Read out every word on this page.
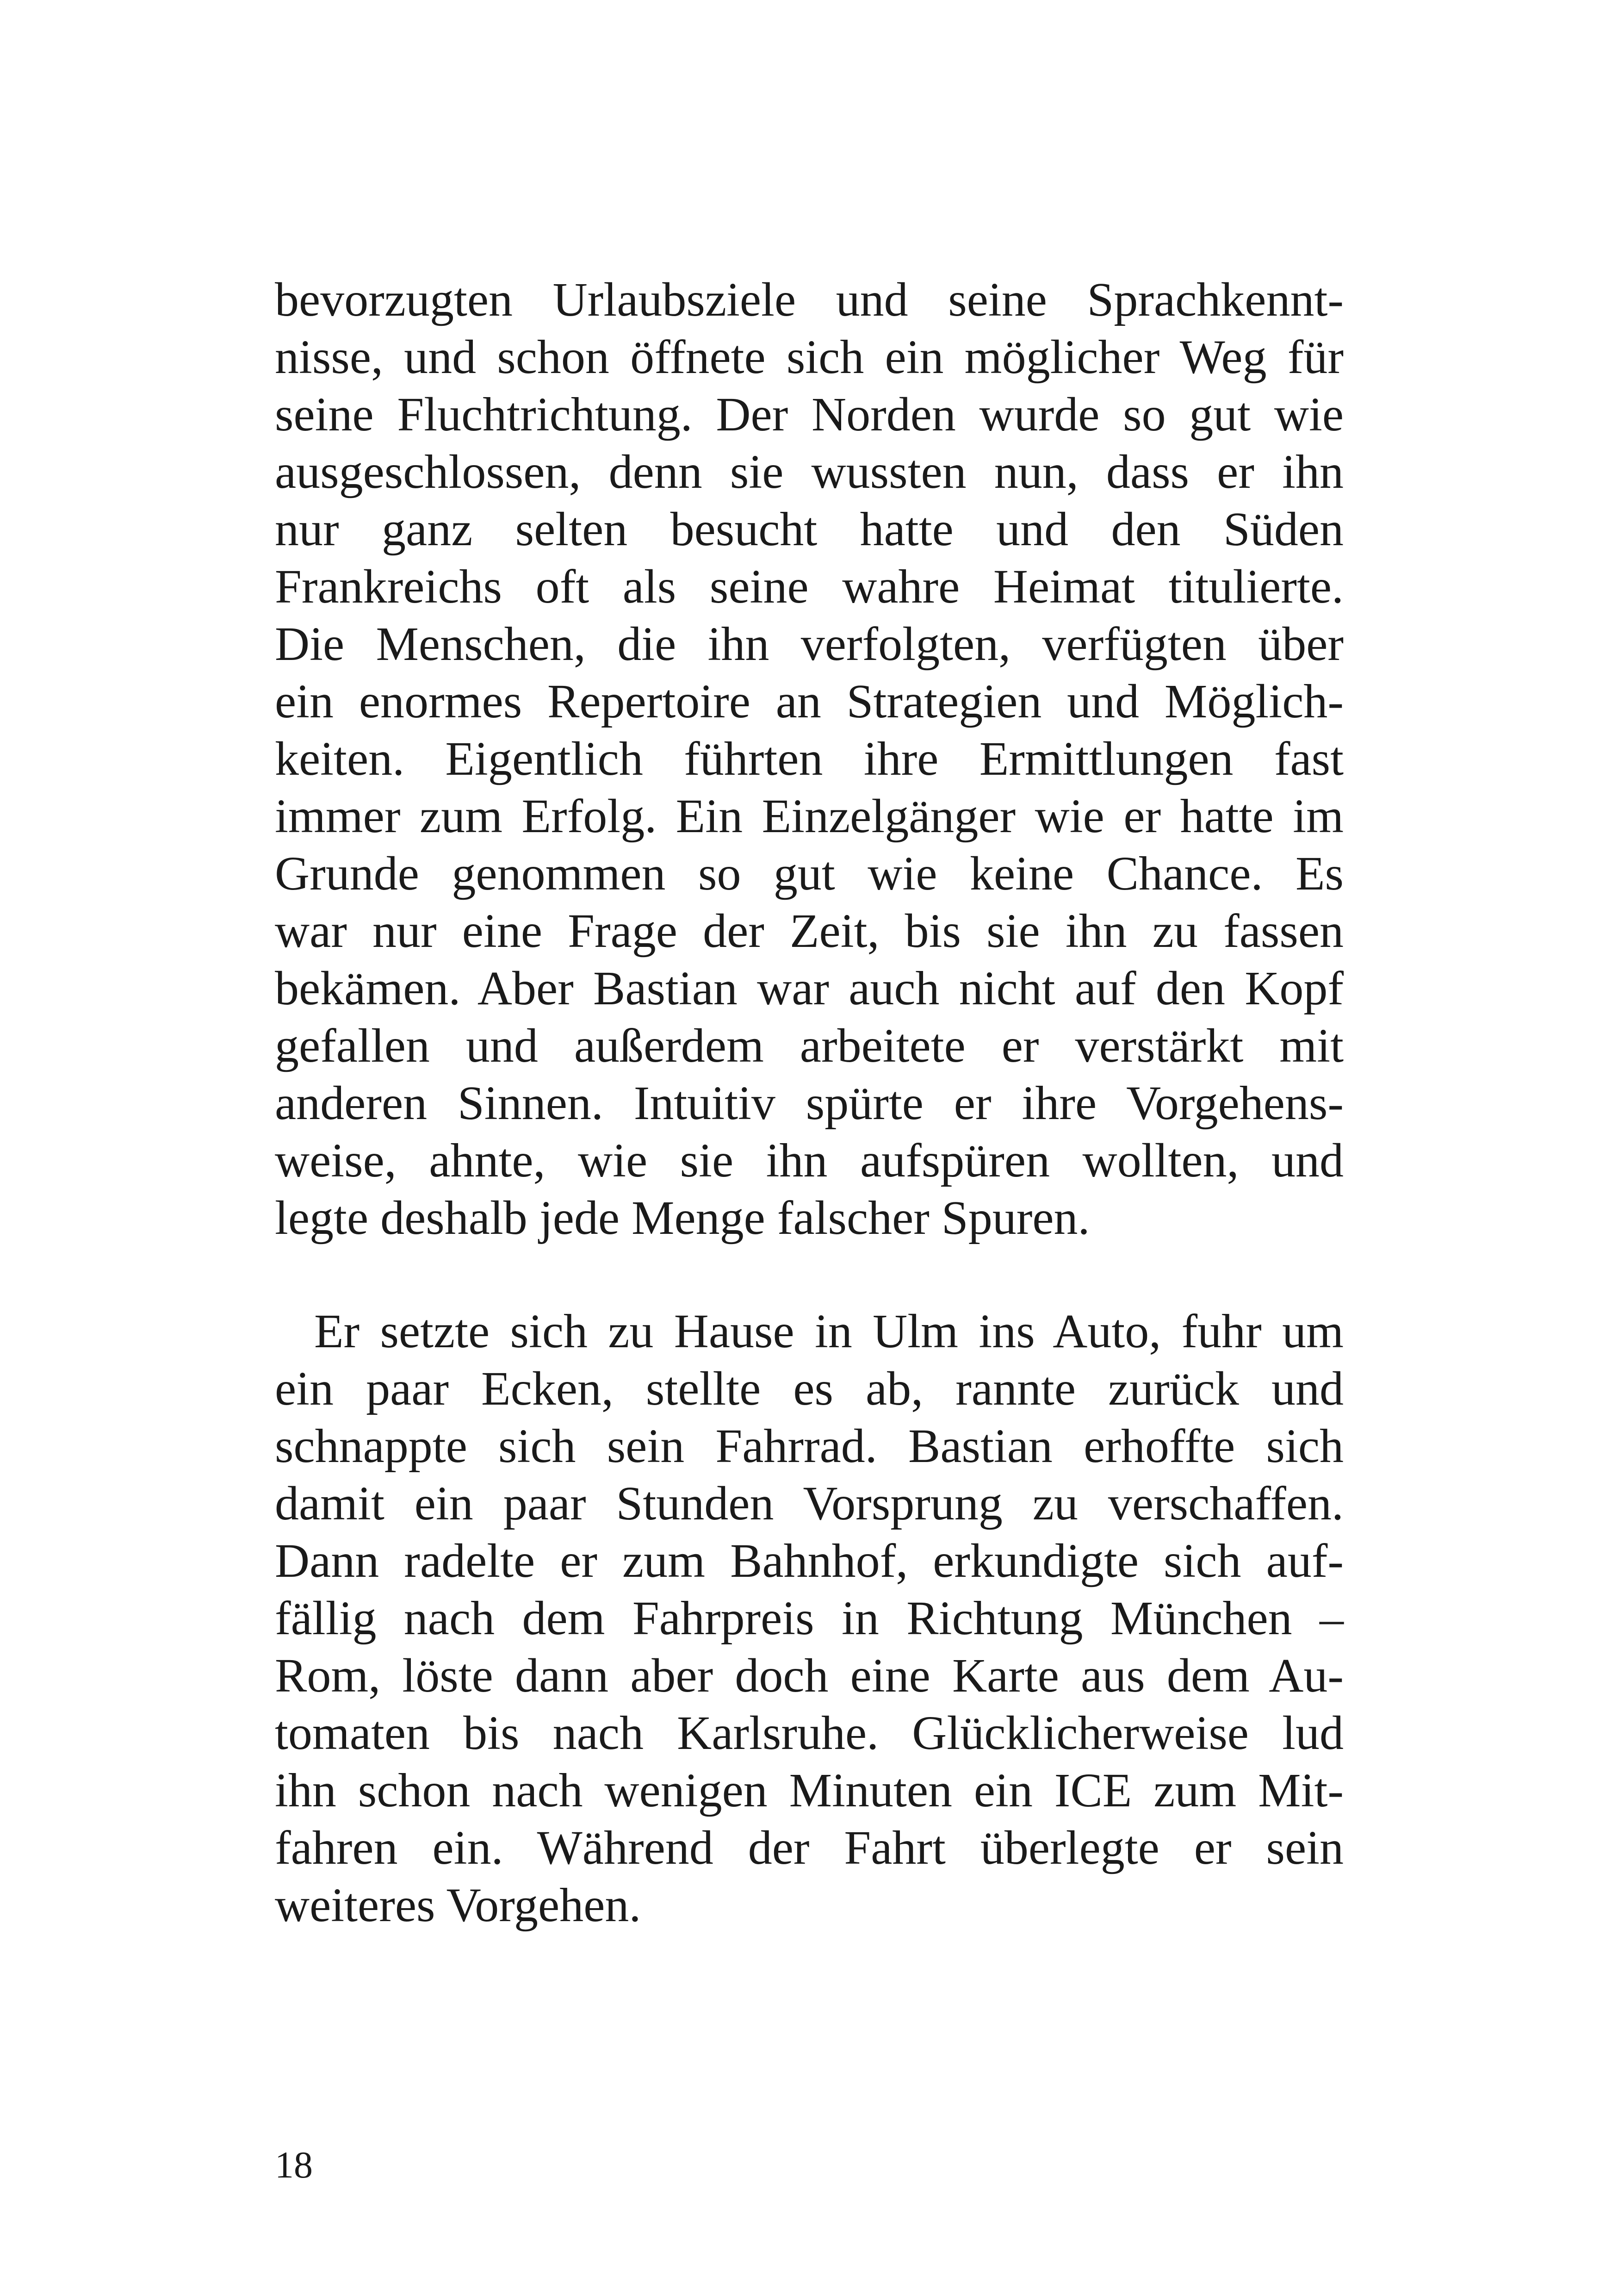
bevorzugten Urlaubsziele und seine Sprachkennt-
nisse, und schon öffnete sich ein möglicher Weg für
seine Fluchtrichtung. Der Norden wurde so gut wie
ausgeschlossen, denn sie wussten nun, dass er ihn
nur ganz selten besucht hatte und den Süden
Frankreichs oft als seine wahre Heimat titulierte.
Die Menschen, die ihn verfolgten, verfügten über
ein enormes Repertoire an Strategien und Möglich-
keiten. Eigentlich führten ihre Ermittlungen fast
immer zum Erfolg. Ein Einzelgänger wie er hatte im
Grunde genommen so gut wie keine Chance. Es
war nur eine Frage der Zeit, bis sie ihn zu fassen
bekämen. Aber Bastian war auch nicht auf den Kopf
gefallen und außerdem arbeitete er verstärkt mit
anderen Sinnen. Intuitiv spürte er ihre Vorgehens-
weise, ahnte, wie sie ihn aufspüren wollten, und
legte deshalb jede Menge falscher Spuren.
Er setzte sich zu Hause in Ulm ins Auto, fuhr um
ein paar Ecken, stellte es ab, rannte zurück und
schnappte sich sein Fahrrad. Bastian erhoffte sich
damit ein paar Stunden Vorsprung zu verschaffen.
Dann radelte er zum Bahnhof, erkundigte sich auf-
fällig nach dem Fahrpreis in Richtung München –
Rom, löste dann aber doch eine Karte aus dem Au-
tomaten bis nach Karlsruhe. Glücklicherweise lud
ihn schon nach wenigen Minuten ein ICE zum Mit-
fahren ein. Während der Fahrt überlegte er sein
weiteres Vorgehen.
18
